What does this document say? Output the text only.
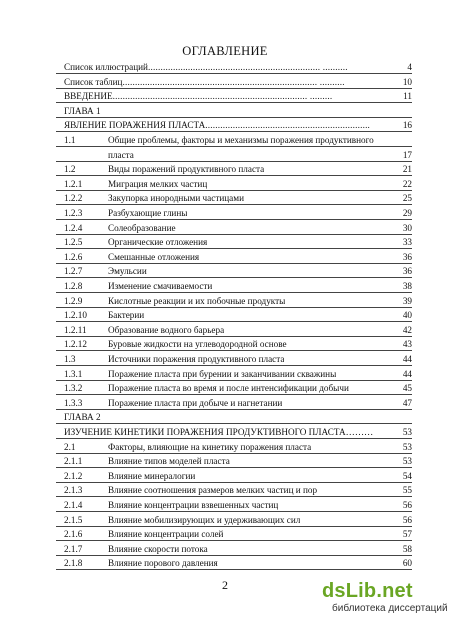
ОГЛАВЛЕНИЕ
Список иллюстраций..................................................................... ..........	4
Список таблиц.............................................................................. ..........	10
ВВЕДЕНИЕ.............................................................................. .........	11
ГЛАВА 1
ЯВЛЕНИЕ ПОРАЖЕНИЯ ПЛАСТА..................................................................	16
1.1	Общие проблемы, факторы и механизмы поражения продуктивного
пласта	17
1.2	Виды поражений продуктивного пласта	21
1.2.1	Миграция мелких частиц	22
1.2.2	Закупорка инородными частицами	25
1.2.3	Разбухающие глины	29
1.2.4	Солеобразование	30
1.2.5	Органические отложения	33
1.2.6	Смешанные отложения	36
1.2.7	Эмульсии	36
1.2.8	Изменение смачиваемости	38
1.2.9	Кислотные реакции и их побочные продукты	39
1.2.10 Бактерии	40
1.2.11 Образование водного барьера	42
1.2.12 Буровые жидкости на углеводородной основе	43
1.3	Источники поражения продуктивного пласта	44
1.3.1	Поражение пласта при бурении и заканчивании скважины	44
1.3.2	Поражение пласта во время и после интенсификации добычи	45
1.3.3	Поражение пласта при добыче и нагнетании	47
ГЛАВА 2
ИЗУЧЕНИЕ КИНЕТИКИ ПОРАЖЕНИЯ ПРОДУКТИВНОГО ПЛАСТА………	53
2.1	Факторы, влияющие на кинетику поражения пласта	53
2.1.1	Влияние типов моделей пласта	53
2.1.2	Влияние минералогии	54
2.1.3	Влияние соотношения размеров мелких частиц и пор	55
2.1.4	Влияние концентрации взвешенных частиц	56
2.1.5	Влияние мобилизирующих и удерживающих сил	56
2.1.6	Влияние концентрации солей	57
2.1.7	Влияние скорости потока	58
2.1.8	Влияние порового давления	60
2	dsLib.net
библиотека диссертаций
